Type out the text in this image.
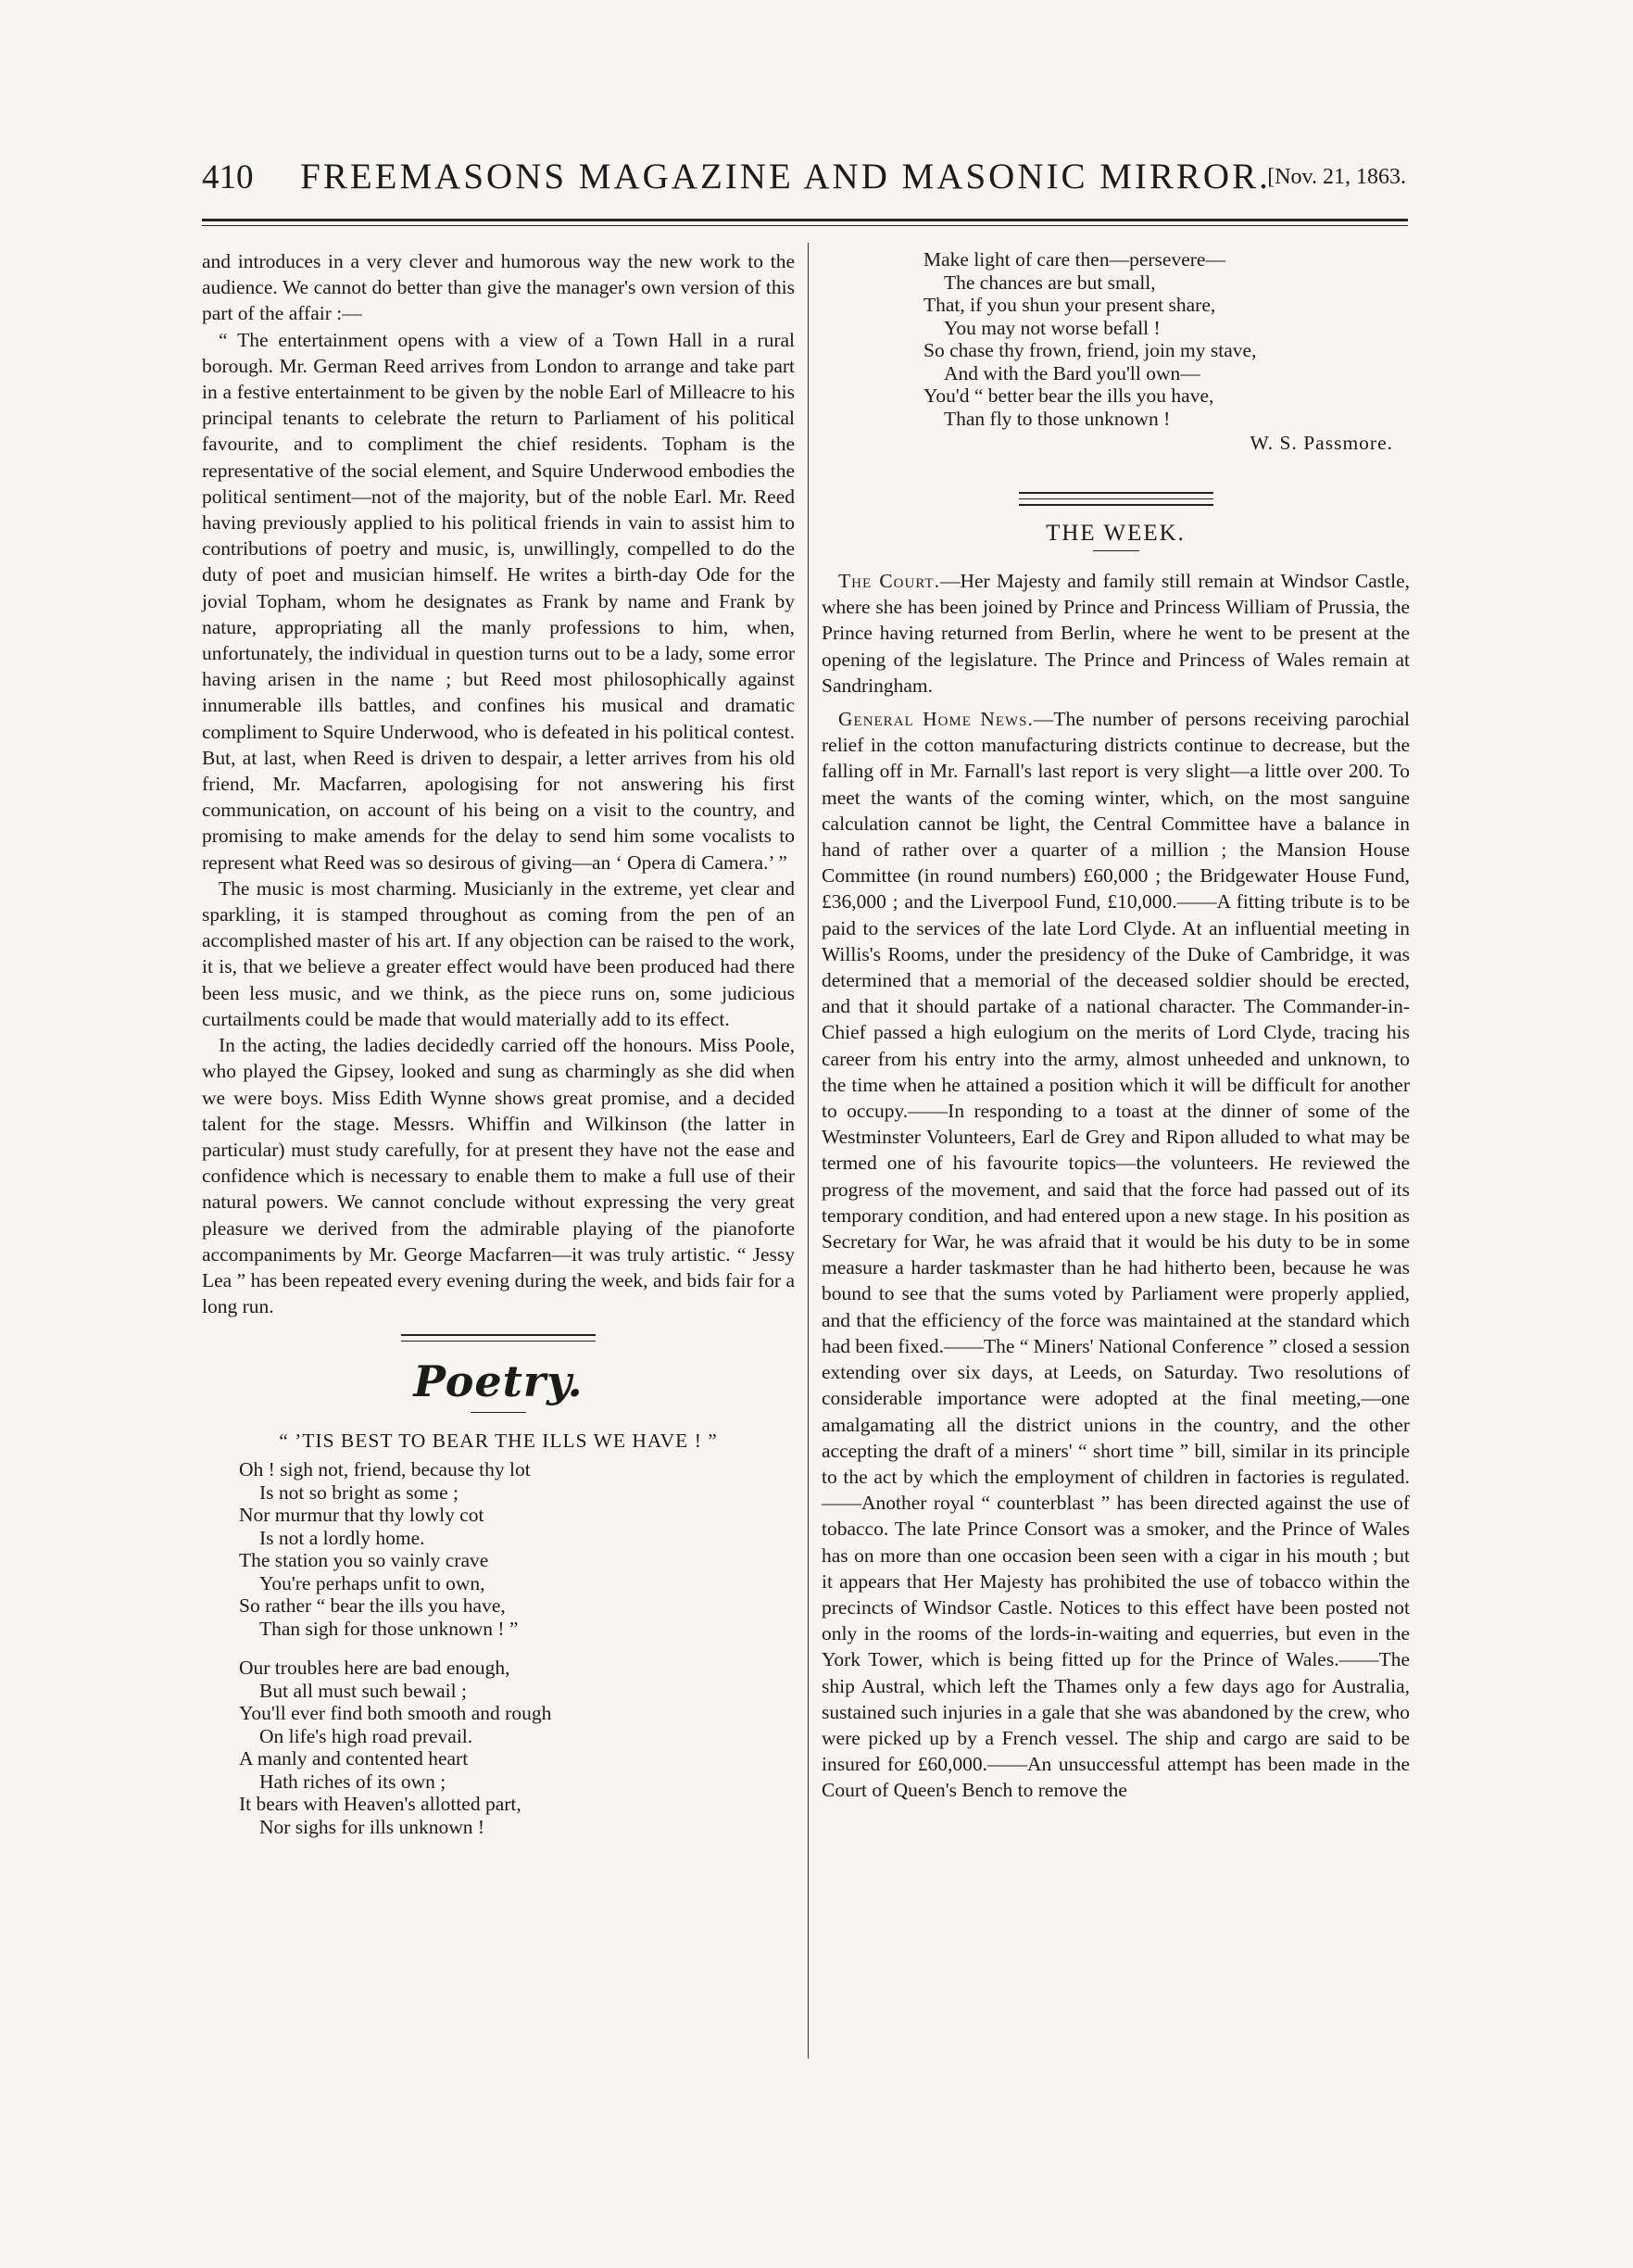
410	FREEMASONS MAGAZINE AND MASONIC MIRROR.
[Nov. 21, 1863.

and introduces in a very clever and humorous way the new work to the audience. We cannot do better than give the manager's own version of this part of the affair :—

“ The entertainment opens with a view of a Town Hall in a rural borough. Mr. German Reed arrives from London to arrange and take part in a festive entertainment to be given by the noble Earl of Milleacre to his principal tenants to celebrate the return to Parliament of his political favourite, and to compliment the chief residents. Topham is the representative of the social element, and Squire Underwood embodies the political sentiment—not of the majority, but of the noble Earl. Mr. Reed having previously applied to his political friends in vain to assist him to contributions of poetry and music, is, unwillingly, compelled to do the duty of poet and musician himself. He writes a birth-day Ode for the jovial Topham, whom he designates as Frank by name and Frank by nature, appropriating all the manly professions to him, when, unfortunately, the individual in question turns out to be a lady, some error having arisen in the name ; but Reed most philosophically against innumerable ills battles, and confines his musical and dramatic compliment to Squire Underwood, who is defeated in his political contest. But, at last, when Reed is driven to despair, a letter arrives from his old friend, Mr. Macfarren, apologising for not answering his first communication, on account of his being on a visit to the country, and promising to make amends for the delay to send him some vocalists to represent what Reed was so desirous of giving—an ‘ Opera di Camera.’ ”

The music is most charming. Musicianly in the extreme, yet clear and sparkling, it is stamped throughout as coming from the pen of an accomplished master of his art. If any objection can be raised to the work, it is, that we believe a greater effect would have been produced had there been less music, and we think, as the piece runs on, some judicious curtailments could be made that would materially add to its effect.

In the acting, the ladies decidedly carried off the honours. Miss Poole, who played the Gipsey, looked and sung as charmingly as she did when we were boys. Miss Edith Wynne shows great promise, and a decided talent for the stage. Messrs. Whiffin and Wilkinson (the latter in particular) must study carefully, for at present they have not the ease and confidence which is necessary to enable them to make a full use of their natural powers. We cannot conclude without expressing the very great pleasure we derived from the admirable playing of the pianoforte accompaniments by Mr. George Macfarren—it was truly artistic. “ Jessy Lea ” has been repeated every evening during the week, and bids fair for a long run.

Poetry.
“ ’TIS BEST TO BEAR THE ILLS WE HAVE ! ”
Oh ! sigh not, friend, because thy lot
Is not so bright as some ;
Nor murmur that thy lowly cot
Is not a lordly home.
The station you so vainly crave
You're perhaps unfit to own,
So rather “ bear the ills you have,
Than sigh for those unknown ! ”
Our troubles here are bad enough,
But all must such bewail ;
You'll ever find both smooth and rough
On life's high road prevail.
A manly and contented heart
Hath riches of its own ;
It bears with Heaven's allotted part,
Nor sighs for ills unknown !
Make light of care then—persevere—
The chances are but small,
That, if you shun your present share,
You may not worse befall !
So chase thy frown, friend, join my stave,
And with the Bard you'll own—
You'd “ better bear the ills you have,
Than fly to those unknown !
W. S. Passmore.
THE WEEK.

The Court.—Her Majesty and family still remain at Windsor Castle, where she has been joined by Prince and Princess William of Prussia, the Prince having returned from Berlin, where he went to be present at the opening of the legislature. The Prince and Princess of Wales remain at Sandringham.

General Home News.—The number of persons receiving parochial relief in the cotton manufacturing districts continue to decrease, but the falling off in Mr. Farnall's last report is very slight—a little over 200. To meet the wants of the coming winter, which, on the most sanguine calculation cannot be light, the Central Committee have a balance in hand of rather over a quarter of a million ; the Mansion House Committee (in round numbers) £60,000 ; the Bridgewater House Fund, £36,000 ; and the Liverpool Fund, £10,000.——A fitting tribute is to be paid to the services of the late Lord Clyde. At an influential meeting in Willis's Rooms, under the presidency of the Duke of Cambridge, it was determined that a memorial of the deceased soldier should be erected, and that it should partake of a national character. The Commander-in-Chief passed a high eulogium on the merits of Lord Clyde, tracing his career from his entry into the army, almost unheeded and unknown, to the time when he attained a position which it will be difficult for another to occupy.——In responding to a toast at the dinner of some of the Westminster Volunteers, Earl de Grey and Ripon alluded to what may be termed one of his favourite topics—the volunteers. He reviewed the progress of the movement, and said that the force had passed out of its temporary condition, and had entered upon a new stage. In his position as Secretary for War, he was afraid that it would be his duty to be in some measure a harder taskmaster than he had hitherto been, because he was bound to see that the sums voted by Parliament were properly applied, and that the efficiency of the force was maintained at the standard which had been fixed.——The “ Miners' National Conference ” closed a session extending over six days, at Leeds, on Saturday. Two resolutions of considerable importance were adopted at the final meeting,—one amalgamating all the district unions in the country, and the other accepting the draft of a miners' “ short time ” bill, similar in its principle to the act by which the employment of children in factories is regulated.——Another royal “ counterblast ” has been directed against the use of tobacco. The late Prince Consort was a smoker, and the Prince of Wales has on more than one occasion been seen with a cigar in his mouth ; but it appears that Her Majesty has prohibited the use of tobacco within the precincts of Windsor Castle. Notices to this effect have been posted not only in the rooms of the lords-in-waiting and equerries, but even in the York Tower, which is being fitted up for the Prince of Wales.——The ship Austral, which left the Thames only a few days ago for Australia, sustained such injuries in a gale that she was abandoned by the crew, who were picked up by a French vessel. The ship and cargo are said to be insured for £60,000.——An unsuccessful attempt has been made in the Court of Queen's Bench to remove the
